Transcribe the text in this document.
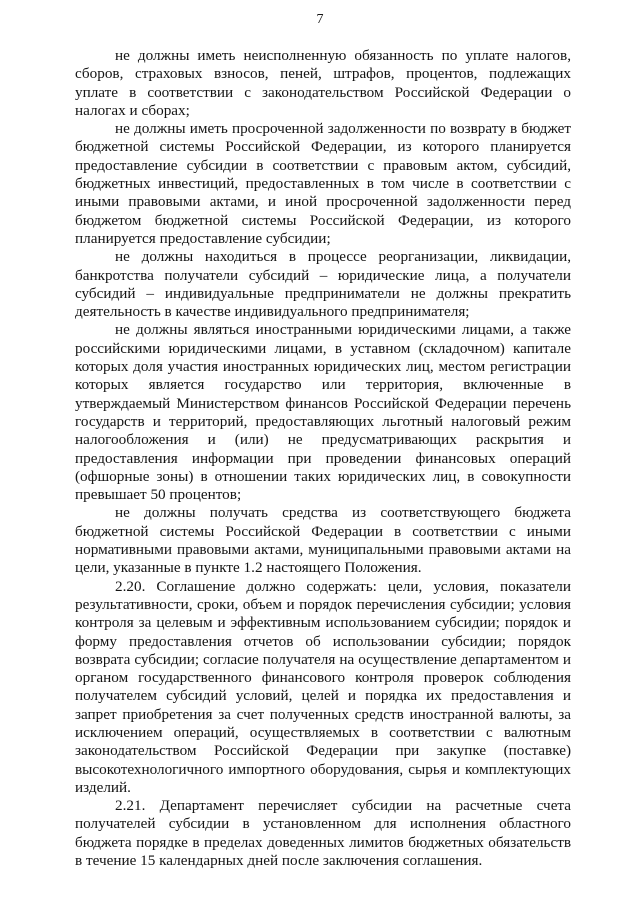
7

не должны иметь неисполненную обязанность по уплате налогов, сборов, страховых взносов, пеней, штрафов, процентов, подлежащих уплате в соответствии с законодательством Российской Федерации о налогах и сборах;

не должны иметь просроченной задолженности по возврату в бюджет бюджетной системы Российской Федерации, из которого планируется предоставление субсидии в соответствии с правовым актом, субсидий, бюджетных инвестиций, предоставленных в том числе в соответствии с иными правовыми актами, и иной просроченной задолженности перед бюджетом бюджетной системы Российской Федерации, из которого планируется предоставление субсидии;

не должны находиться в процессе реорганизации, ликвидации, банкротства получатели субсидий – юридические лица, а получатели субсидий – индивидуальные предприниматели не должны прекратить деятельность в качестве индивидуального предпринимателя;

не должны являться иностранными юридическими лицами, а также российскими юридическими лицами, в уставном (складочном) капитале которых доля участия иностранных юридических лиц, местом регистрации которых является государство или территория, включенные в утверждаемый Министерством финансов Российской Федерации перечень государств и территорий, предоставляющих льготный налоговый режим налогообложения и (или) не предусматривающих раскрытия и предоставления информации при проведении финансовых операций (офшорные зоны) в отношении таких юридических лиц, в совокупности превышает 50 процентов;

не должны получать средства из соответствующего бюджета бюджетной системы Российской Федерации в соответствии с иными нормативными правовыми актами, муниципальными правовыми актами на цели, указанные в пункте 1.2 настоящего Положения.

2.20. Соглашение должно содержать: цели, условия, показатели результативности, сроки, объем и порядок перечисления субсидии; условия контроля за целевым и эффективным использованием субсидии; порядок и форму предоставления отчетов об использовании субсидии; порядок возврата субсидии; согласие получателя на осуществление департаментом и органом государственного финансового контроля проверок соблюдения получателем субсидий условий, целей и порядка их предоставления и запрет приобретения за счет полученных средств иностранной валюты, за исключением операций, осуществляемых в соответствии с валютным законодательством Российской Федерации при закупке (поставке) высокотехнологичного импортного оборудования, сырья и комплектующих изделий.

2.21. Департамент перечисляет субсидии на расчетные счета получателей субсидии в установленном для исполнения областного бюджета порядке в пределах доведенных лимитов бюджетных обязательств в течение 15 календарных дней после заключения соглашения.
